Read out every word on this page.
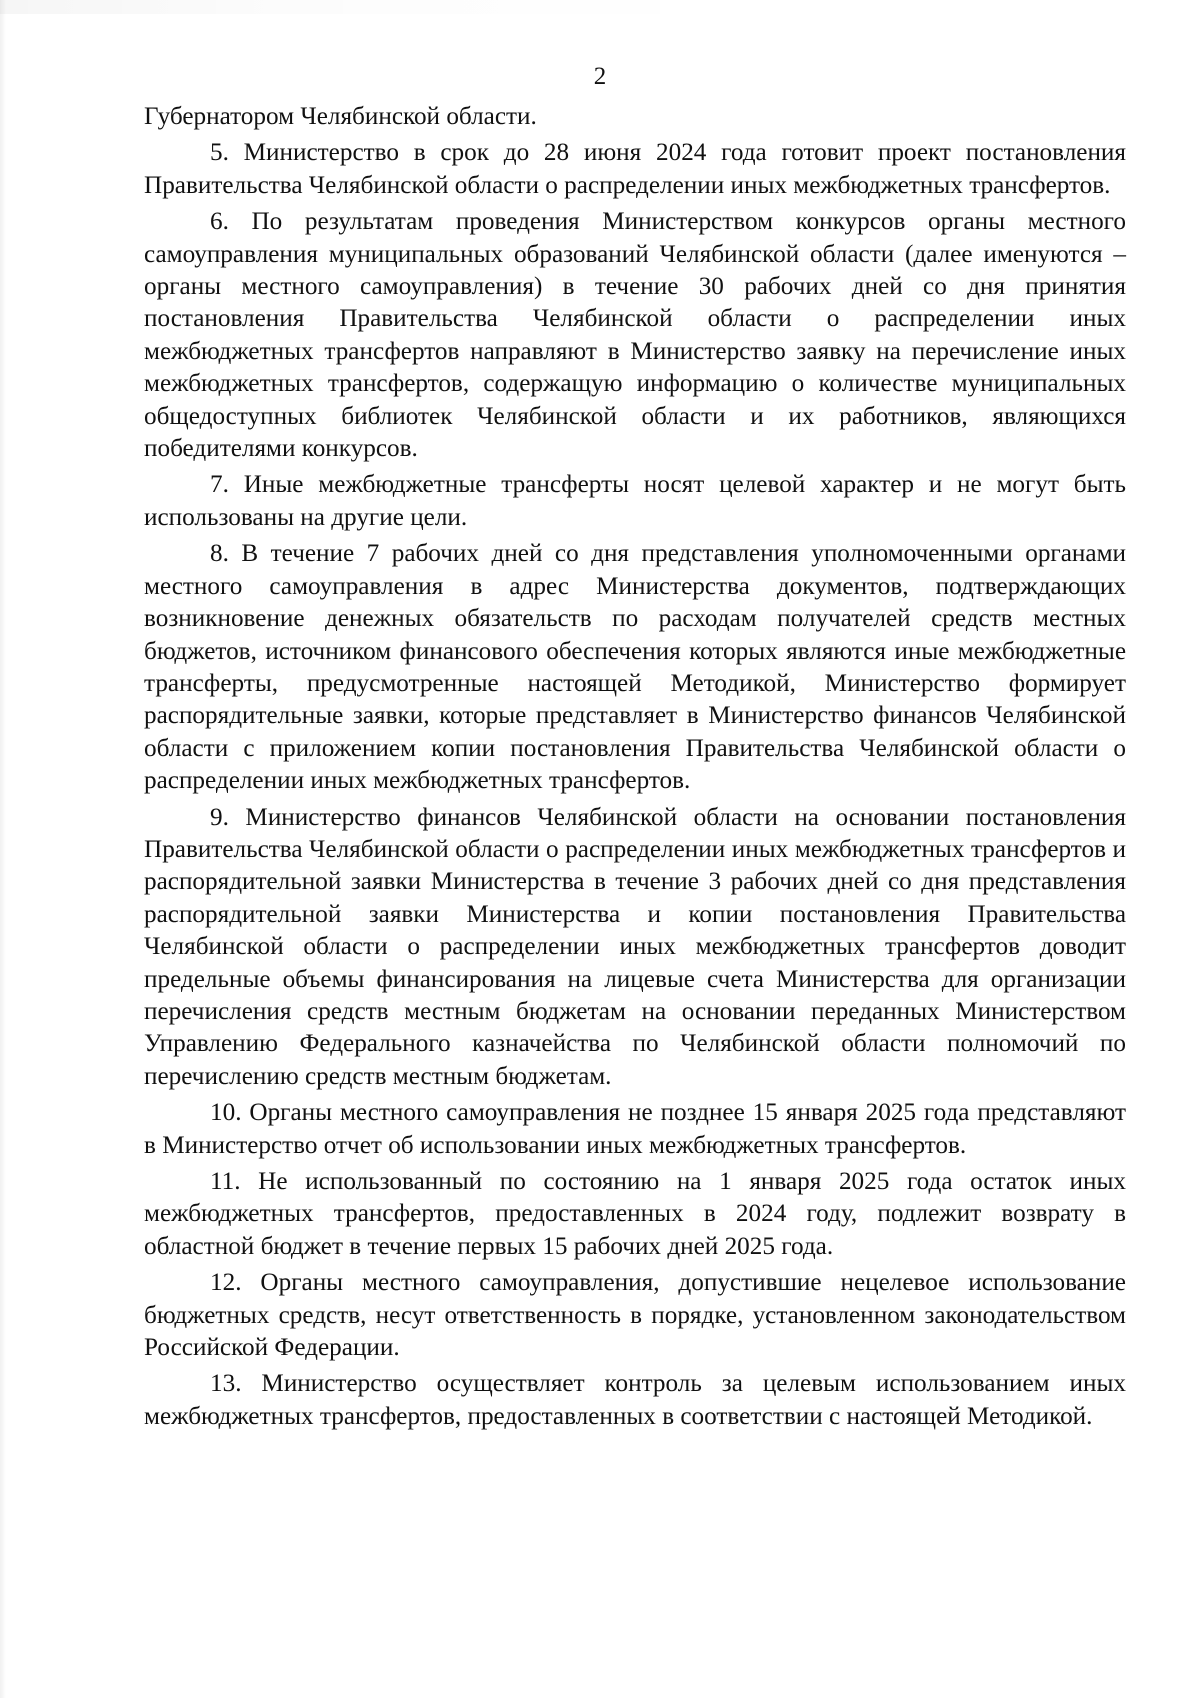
2

Губернатором Челябинской области.

5. Министерство в срок до 28 июня 2024 года готовит проект постановления Правительства Челябинской области о распределении иных межбюджетных трансфертов.

6. По результатам проведения Министерством конкурсов органы местного самоуправления муниципальных образований Челябинской области (далее именуются – органы местного самоуправления) в течение 30 рабочих дней со дня принятия постановления Правительства Челябинской области о распределении иных межбюджетных трансфертов направляют в Министерство заявку на перечисление иных межбюджетных трансфертов, содержащую информацию о количестве муниципальных общедоступных библиотек Челябинской области и их работников, являющихся победителями конкурсов.

7. Иные межбюджетные трансферты носят целевой характер и не могут быть использованы на другие цели.

8. В течение 7 рабочих дней со дня представления уполномоченными органами местного самоуправления в адрес Министерства документов, подтверждающих возникновение денежных обязательств по расходам получателей средств местных бюджетов, источником финансового обеспечения которых являются иные межбюджетные трансферты, предусмотренные настоящей Методикой, Министерство формирует распорядительные заявки, которые представляет в Министерство финансов Челябинской области с приложением копии постановления Правительства Челябинской области о распределении иных межбюджетных трансфертов.

9. Министерство финансов Челябинской области на основании постановления Правительства Челябинской области о распределении иных межбюджетных трансфертов и распорядительной заявки Министерства в течение 3 рабочих дней со дня представления распорядительной заявки Министерства и копии постановления Правительства Челябинской области о распределении иных межбюджетных трансфертов доводит предельные объемы финансирования на лицевые счета Министерства для организации перечисления средств местным бюджетам на основании переданных Министерством Управлению Федерального казначейства по Челябинской области полномочий по перечислению средств местным бюджетам.

10. Органы местного самоуправления не позднее 15 января 2025 года представляют в Министерство отчет об использовании иных межбюджетных трансфертов.

11. Не использованный по состоянию на 1 января 2025 года остаток иных межбюджетных трансфертов, предоставленных в 2024 году, подлежит возврату в областной бюджет в течение первых 15 рабочих дней 2025 года.

12. Органы местного самоуправления, допустившие нецелевое использование бюджетных средств, несут ответственность в порядке, установленном законодательством Российской Федерации.

13. Министерство осуществляет контроль за целевым использованием иных межбюджетных трансфертов, предоставленных в соответствии с настоящей Методикой.
